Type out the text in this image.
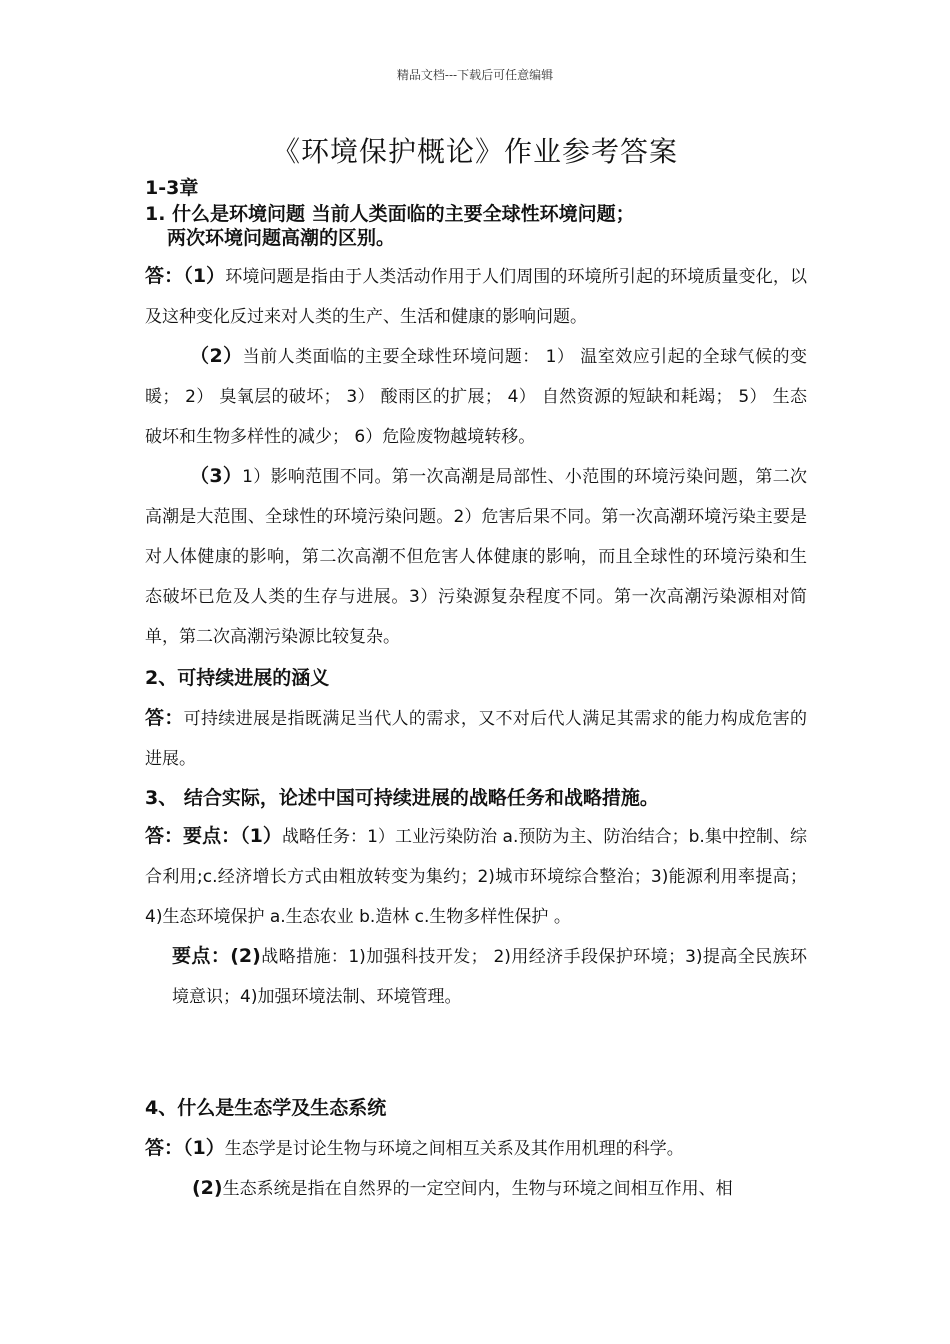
精品文档---下载后可任意编辑
《环境保护概论》作业参考答案
1-3章
1. 什么是环境问题 当前人类面临的主要全球性环境问题；
两次环境问题高潮的区别。
答：（1）环境问题是指由于人类活动作用于人们周围的环境所引起的环境质量变化，以及这种变化反过来对人类的生产、生活和健康的影响问题。
（2）当前人类面临的主要全球性环境问题： 1） 温室效应引起的全球气候的变暖； 2） 臭氧层的破坏； 3） 酸雨区的扩展； 4） 自然资源的短缺和耗竭； 5） 生态破坏和生物多样性的减少； 6）危险废物越境转移。
（3）1）影响范围不同。第一次高潮是局部性、小范围的环境污染问题，第二次高潮是大范围、全球性的环境污染问题。2）危害后果不同。第一次高潮环境污染主要是对人体健康的影响，第二次高潮不但危害人体健康的影响，而且全球性的环境污染和生态破坏已危及人类的生存与进展。3）污染源复杂程度不同。第一次高潮污染源相对简单，第二次高潮污染源比较复杂。
2、可持续进展的涵义
答：可持续进展是指既满足当代人的需求，又不对后代人满足其需求的能力构成危害的进展。
3、 结合实际，论述中国可持续进展的战略任务和战略措施。
答：要点：（1）战略任务：1）工业污染防治 a.预防为主、防治结合；b.集中控制、综合利用;c.经济增长方式由粗放转变为集约；2)城市环境综合整治；3)能源利用率提高；4)生态环境保护 a.生态农业 b.造林 c.生物多样性保护 。
要点：(2)战略措施：1)加强科技开发； 2)用经济手段保护环境；3)提高全民族环境意识；4)加强环境法制、环境管理。
4、什么是生态学及生态系统
答：（1）生态学是讨论生物与环境之间相互关系及其作用机理的科学。
(2)生态系统是指在自然界的一定空间内，生物与环境之间相互作用、相
